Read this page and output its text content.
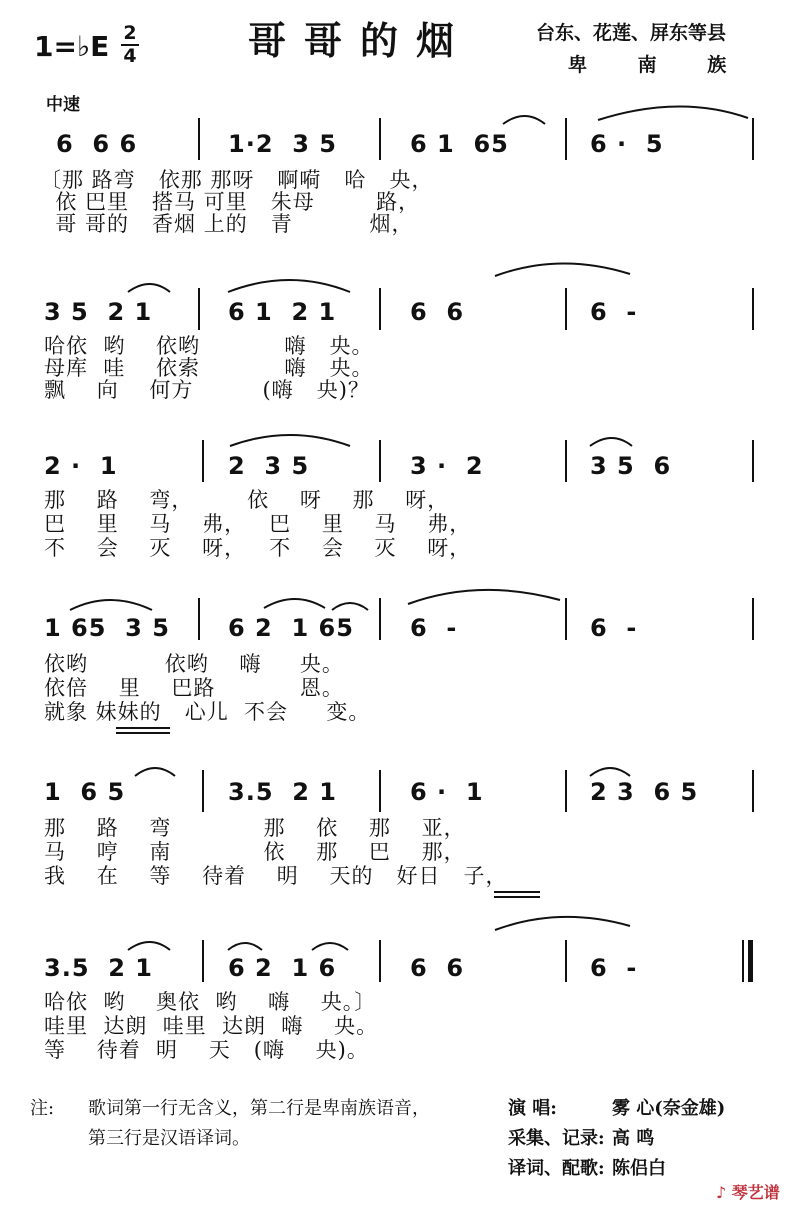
1=♭E 2
4	哥哥的烟	台东、花莲、屏东等县
卑 南 族
中速
6  6 6	1·2  3 5	6 1  65	6 ·  5
〔那 路弯   依那 那呀   啊嗬   哈   央，
依 巴里   搭马 可里   朱母        路，
哥 哥的   香烟 上的   青          烟，
3 5  2 1	6 1  2 1	6  6	6  -
哈依  哟    依哟           嗨   央。
母库  哇    依索           嗨   央。
飘    向    何方         (嗨   央)？
2 ·  1	2  3 5	3 ·  2	3 5  6
那    路    弯，       依    呀    那    呀，
巴    里    马    弗，   巴    里    马    弗，
不    会    灭    呀，   不    会    灭    呀，
1 65  3 5 6 2  1 65 6  -	6  -
依哟          依哟    嗨     央。
依倍    里    巴路           恩。
就象 妹妹的   心儿  不会     变。
1  6 5	3.5  2 1	6 ·  1	2 3  6 5
那    路    弯            那    依    那    亚，
马    哼    南            依    那    巴    那，
我    在    等    待着    明    天的   好日   子，
3.5  2 1	6 2  1 6	6  6	6  -
哈依  哟    奥依  哟    嗨    央。〕
哇里  达朗  哇里  达朗  嗨    央。
等    待着  明    天   (嗨    央)。
注: 歌词第一行无含义，第二行是卑南族语音，
第三行是汉语译词。
演 唱:	雾 心(奈金雄)
采集、记录: 高 鸣
译词、配歌: 陈侣白
♪ 琴艺谱
